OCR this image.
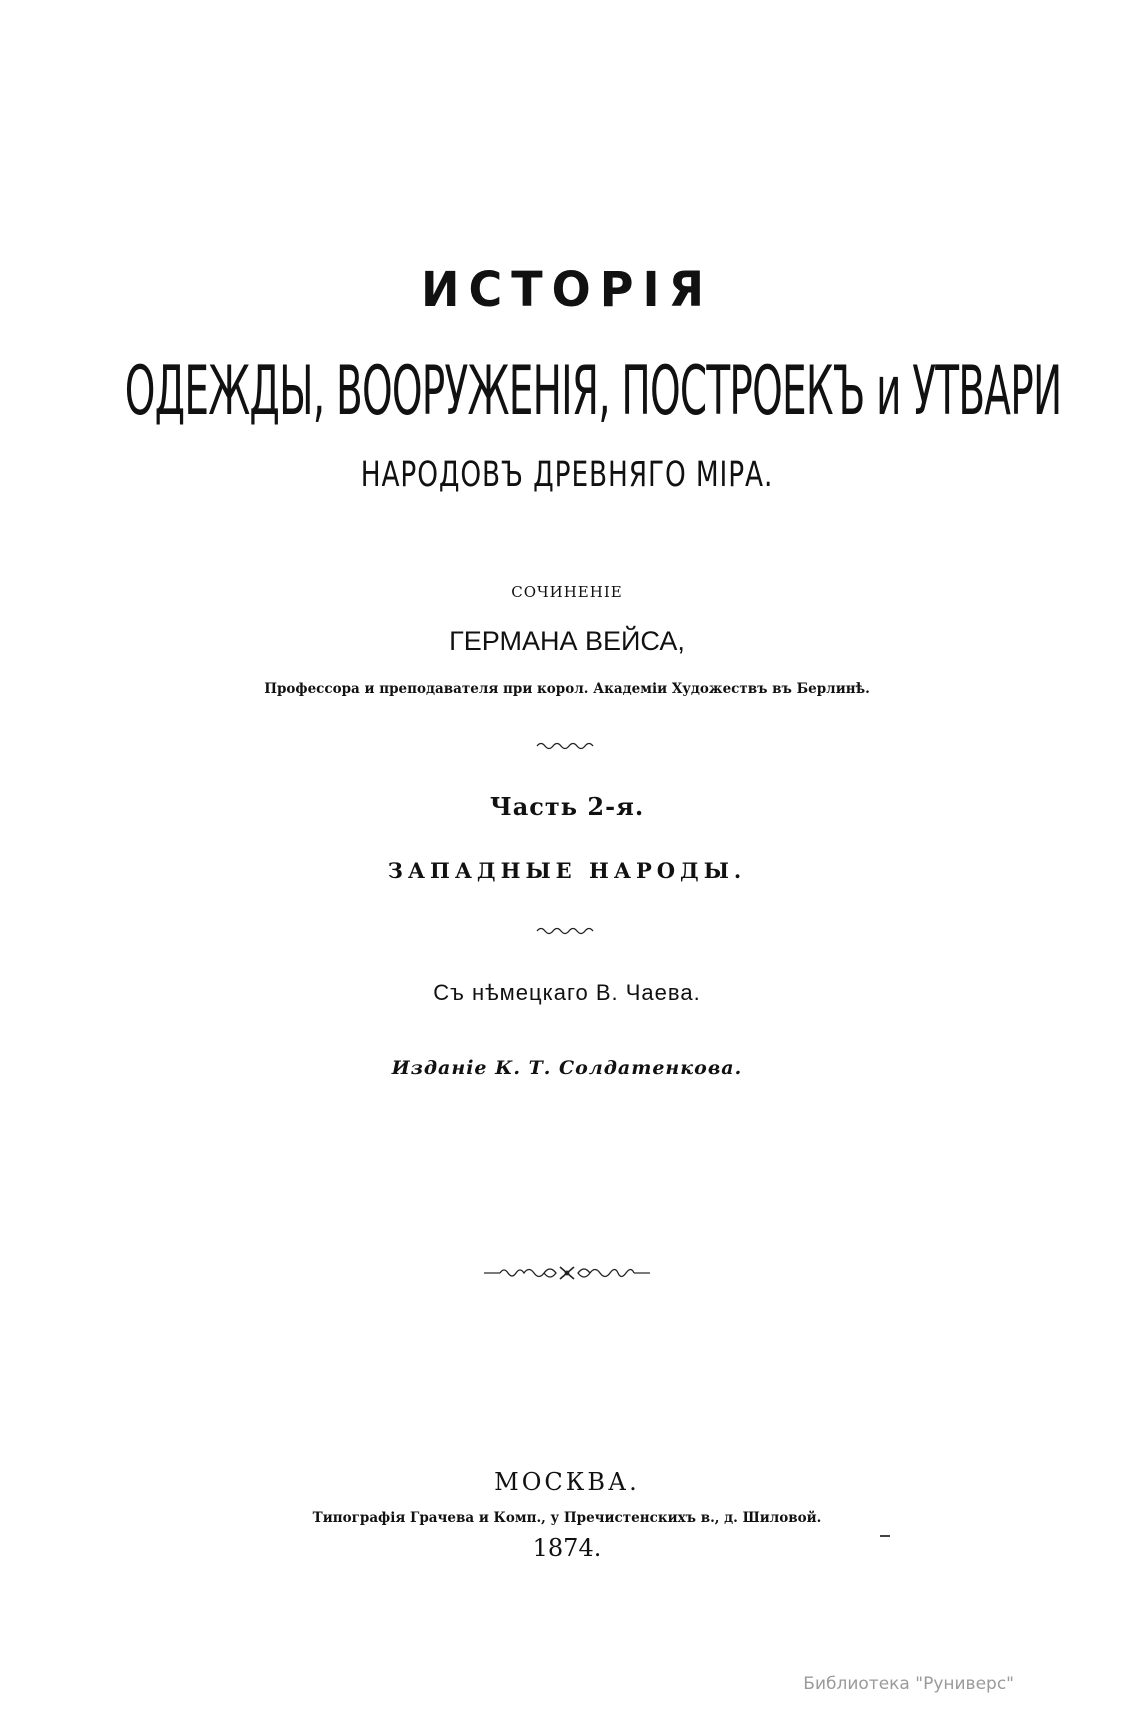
ИСТОРІЯ
ОДЕЖДЫ, ВООРУЖЕНІЯ, ПОСТРОЕКЪ и УТВАРИ
НАРОДОВЪ ДРЕВНЯГО МІРА.
СОЧИНЕНІЕ
ГЕРМАНА ВЕЙСА,
Профессора и преподавателя при корол. Академіи Художествъ въ Берлинѣ.
Часть 2-я.
ЗАПАДНЫЕ НАРОДЫ.
Съ нѣмецкаго В. Чаева.
Изданіе К. Т. Солдатенкова.
МОСКВА.
Типографія Грачева и Комп., у Пречистенскихъ в., д. Шиловой.
1874.
Библиотека "Руниверс"
